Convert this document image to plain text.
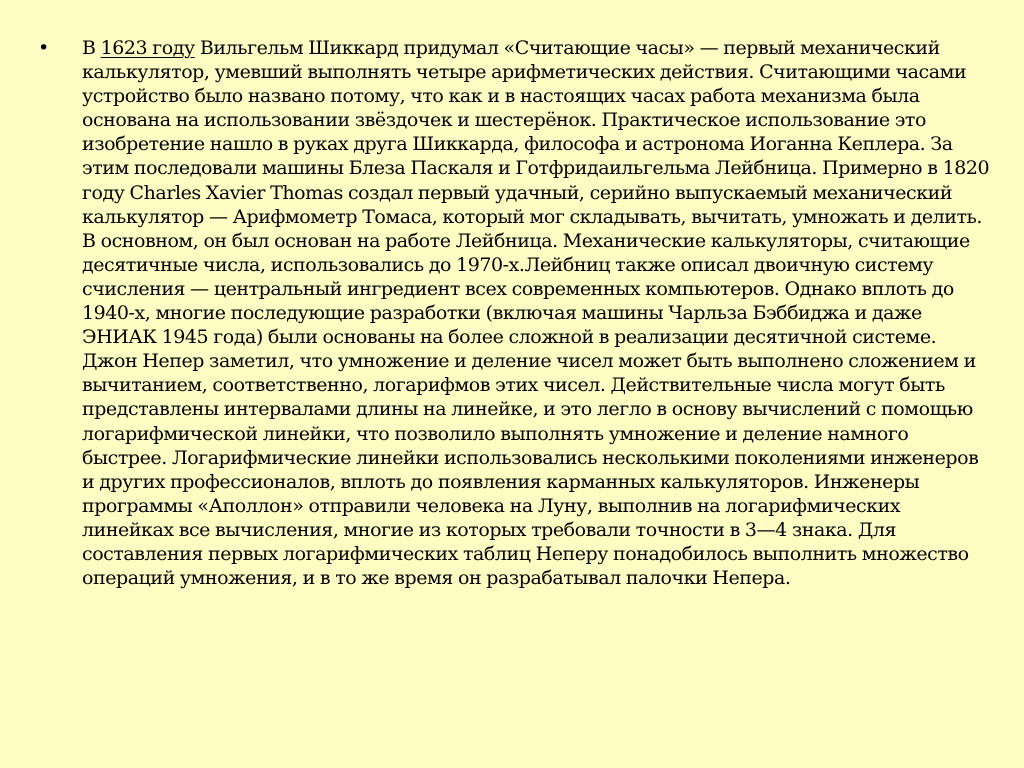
• В 1623 году Вильгельм Шиккард придумал «Считающие часы» — первый механический калькулятор, умевший выполнять четыре арифметических действия. Считающими часами устройство было названо потому, что как и в настоящих часах работа механизма была основана на использовании звёздочек и шестерёнок. Практическое использование это изобретение нашло в руках друга Шиккарда, философа и астронома Иоганна Кеплера. За этим последовали машины Блеза Паскаля и Готфридаильгельма Лейбница. Примерно в 1820 году Charles Xavier Thomas создал первый удачный, серийно выпускаемый механический калькулятор — Арифмометр Томаса, который мог складывать, вычитать, умножать и делить. В основном, он был основан на работе Лейбница. Механические калькуляторы, считающие десятичные числа, использовались до 1970-х.Лейбниц также описал двоичную систему счисления — центральный ингредиент всех современных компьютеров. Однако вплоть до 1940-х, многие последующие разработки (включая машины Чарльза Бэббиджа и даже ЭНИАК 1945 года) были основаны на более сложной в реализации десятичной системе. Джон Непер заметил, что умножение и деление чисел может быть выполнено сложением и вычитанием, соответственно, логарифмов этих чисел. Действительные числа могут быть представлены интервалами длины на линейке, и это легло в основу вычислений с помощью логарифмической линейки, что позволило выполнять умножение и деление намного быстрее. Логарифмические линейки использовались несколькими поколениями инженеров и других профессионалов, вплоть до появления карманных калькуляторов. Инженеры программы «Аполлон» отправили человека на Луну, выполнив на логарифмических линейках все вычисления, многие из которых требовали точности в 3—4 знака. Для составления первых логарифмических таблиц Неперу понадобилось выполнить множество операций умножения, и в то же время он разрабатывал палочки Непера.
